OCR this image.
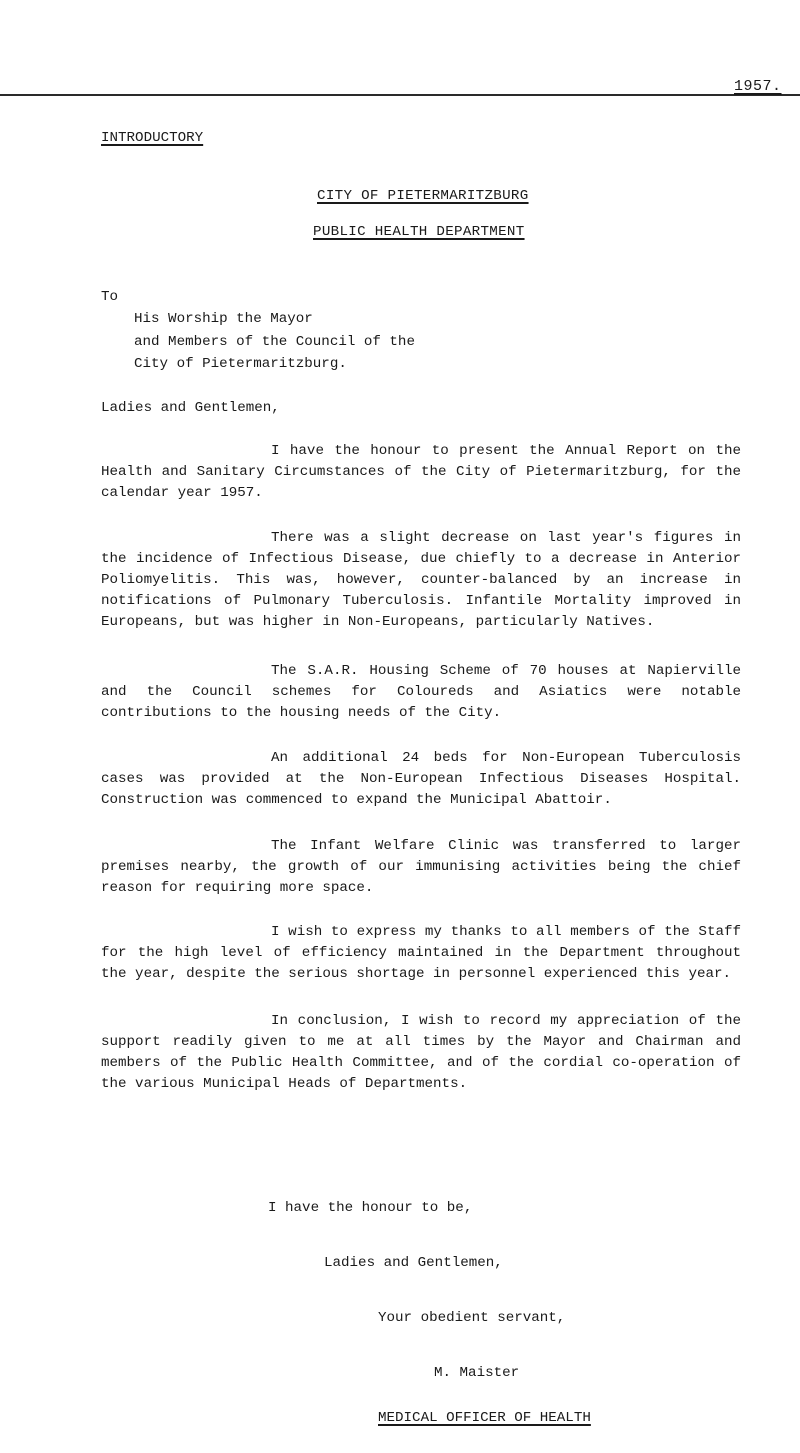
1957.
INTRODUCTORY
CITY OF PIETERMARITZBURG
PUBLIC HEALTH DEPARTMENT
To
His Worship the Mayor
and Members of the Council of the
City of Pietermaritzburg.
Ladies and Gentlemen,

I have the honour to present the Annual Report on the Health and Sanitary Circumstances of the City of Pietermaritzburg, for the calendar year 1957.

There was a slight decrease on last year's figures in the incidence of Infectious Disease, due chiefly to a decrease in Anterior Poliomyelitis. This was, however, counter-balanced by an increase in notifications of Pulmonary Tuberculosis. Infantile Mortality improved in Europeans, but was higher in Non-Europeans, particularly Natives.

The S.A.R. Housing Scheme of 70 houses at Napierville and the Council schemes for Coloureds and Asiatics were notable contributions to the housing needs of the City.

An additional 24 beds for Non-European Tuberculosis cases was provided at the Non-European Infectious Diseases Hospital. Construction was commenced to expand the Municipal Abattoir.

The Infant Welfare Clinic was transferred to larger premises nearby, the growth of our immunising activities being the chief reason for requiring more space.

I wish to express my thanks to all members of the Staff for the high level of efficiency maintained in the Department throughout the year, despite the serious shortage in personnel experienced this year.

In conclusion, I wish to record my appreciation of the support readily given to me at all times by the Mayor and Chairman and members of the Public Health Committee, and of the cordial co-operation of the various Municipal Heads of Departments.

I have the honour to be,
Ladies and Gentlemen,
Your obedient servant,
M. Maister
MEDICAL OFFICER OF HEALTH
